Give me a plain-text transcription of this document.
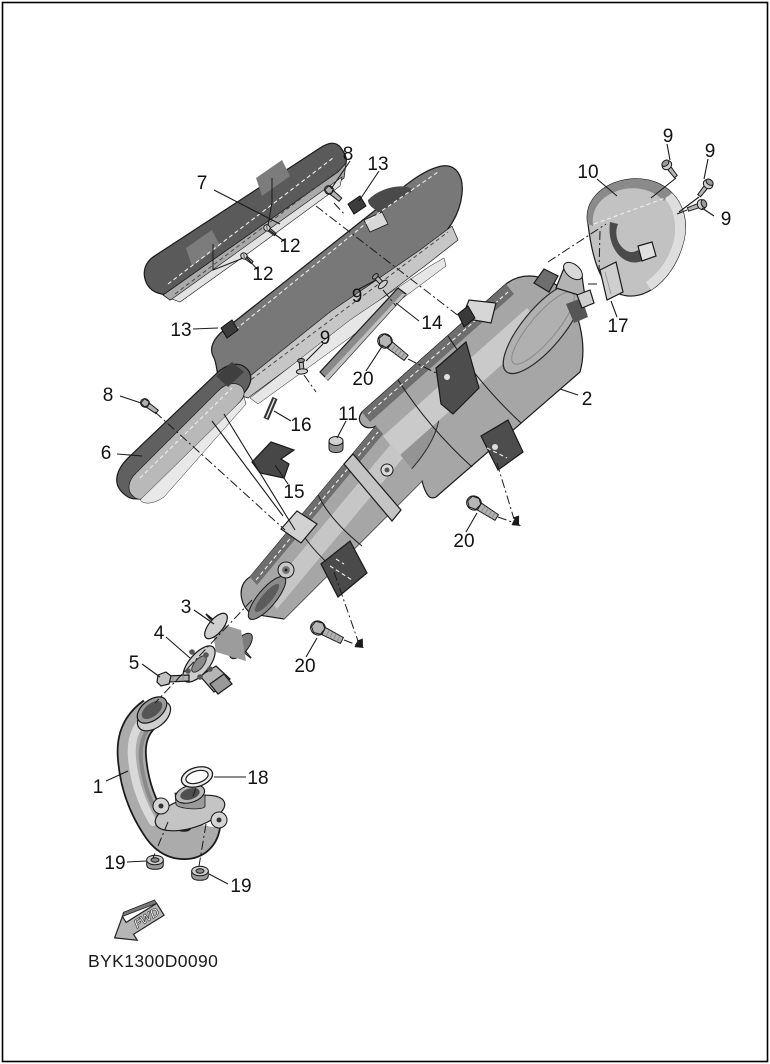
FWD
BYK1300D0090
7
8 13
12
12
9
14
13	9
20
10
9
9
9
17
2
8
6
16
11
15
20
3
4
5	20
1	18
19
19
